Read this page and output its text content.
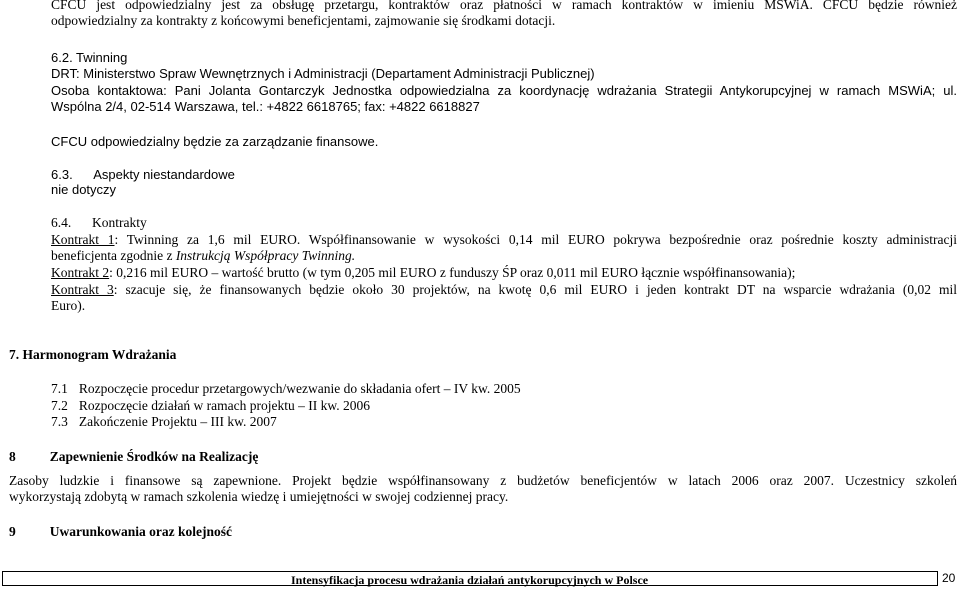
CFCU jest odpowiedzialny jest za obsługę przetargu, kontraktów oraz płatności w ramach kontraktów w imieniu MSWiA. CFCU będzie również
odpowiedzialny za kontrakty z końcowymi beneficjentami, zajmowanie się środkami dotacji.
6.2. Twinning
DRT: Ministerstwo Spraw Wewnętrznych i Administracji (Departament Administracji Publicznej)
Osoba kontaktowa: Pani Jolanta Gontarczyk Jednostka odpowiedzialna za koordynację wdrażania Strategii Antykorupcyjnej w ramach MSWiA; ul.
Wspólna 2/4, 02-514 Warszawa, tel.: +4822 6618765; fax: +4822 6618827
CFCU odpowiedzialny będzie za zarządzanie finansowe.
6.3. Aspekty niestandardowe
nie dotyczy
6.4. Kontrakty
Kontrakt 1: Twinning za 1,6 mil EURO. Współfinansowanie w wysokości 0,14 mil EURO pokrywa bezpośrednie oraz pośrednie koszty administracji
beneficjenta zgodnie z Instrukcją Współpracy Twinning.
Kontrakt 2: 0,216 mil EURO – wartość brutto (w tym 0,205 mil EURO z funduszy ŚP oraz 0,011 mil EURO łącznie współfinansowania);
Kontrakt 3: szacuje się, że finansowanych będzie około 30 projektów, na kwotę 0,6 mil EURO i jeden kontrakt DT na wsparcie wdrażania (0,02 mil
Euro).
7. Harmonogram Wdrażania
7.1 Rozpoczęcie procedur przetargowych/wezwanie do składania ofert – IV kw. 2005
7.2 Rozpoczęcie działań w ramach projektu – II kw. 2006
7.3 Zakończenie Projektu – III kw. 2007
8	Zapewnienie Środków na Realizację
Zasoby ludzkie i finansowe są zapewnione. Projekt będzie współfinansowany z budżetów beneficjentów w latach 2006 oraz 2007. Uczestnicy szkoleń
wykorzystają zdobytą w ramach szkolenia wiedzę i umiejętności w swojej codziennej pracy.
9	Uwarunkowania oraz kolejność
Intensyfikacja procesu wdrażania działań antykorupcyjnych w Polsce	20
